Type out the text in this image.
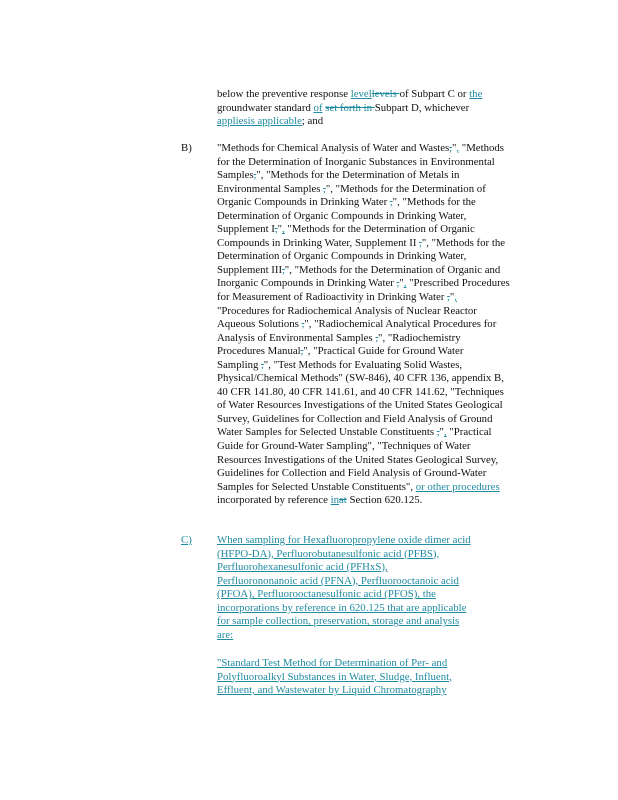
below the preventive response levellevels of Subpart C or the
groundwater standard of set forth in Subpart D, whichever
appliesis applicable; and
B) "Methods for Chemical Analysis of Water and Wastes,", "Methods
for the Determination of Inorganic Substances in Environmental
Samples,", "Methods for the Determination of Metals in
Environmental Samples ,", "Methods for the Determination of
Organic Compounds in Drinking Water ,", "Methods for the
Determination of Organic Compounds in Drinking Water,
Supplement I,", "Methods for the Determination of Organic
Compounds in Drinking Water, Supplement II ,", "Methods for the
Determination of Organic Compounds in Drinking Water,
Supplement III,", "Methods for the Determination of Organic and
Inorganic Compounds in Drinking Water ,", "Prescribed Procedures
for Measurement of Radioactivity in Drinking Water ,",
"Procedures for Radiochemical Analysis of Nuclear Reactor
Aqueous Solutions ,", "Radiochemical Analytical Procedures for
Analysis of Environmental Samples ,", "Radiochemistry
Procedures Manual,", "Practical Guide for Ground Water
Sampling ,", "Test Methods for Evaluating Solid Wastes,
Physical/Chemical Methods" (SW-846), 40 CFR 136, appendix B,
40 CFR 141.80, 40 CFR 141.61, and 40 CFR 141.62, "Techniques
of Water Resources Investigations of the United States Geological
Survey, Guidelines for Collection and Field Analysis of Ground
Water Samples for Selected Unstable Constituents ,", "Practical
Guide for Ground-Water Sampling", "Techniques of Water
Resources Investigations of the United States Geological Survey,
Guidelines for Collection and Field Analysis of Ground-Water
Samples for Selected Unstable Constituents", or other procedures
incorporated by reference inat Section 620.125.
C) When sampling for Hexafluoropropylene oxide dimer acid
(HFPO-DA), Perfluorobutanesulfonic acid (PFBS),
Perfluorohexanesulfonic acid (PFHxS),
Perfluorononanoic acid (PFNA), Perfluorooctanoic acid
(PFOA), Perfluorooctanesulfonic acid (PFOS), the
incorporations by reference in 620.125 that are applicable
for sample collection, preservation, storage and analysis
are:
"Standard Test Method for Determination of Per- and
Polyfluoroalkyl Substances in Water, Sludge, Influent,
Effluent, and Wastewater by Liquid Chromatography
